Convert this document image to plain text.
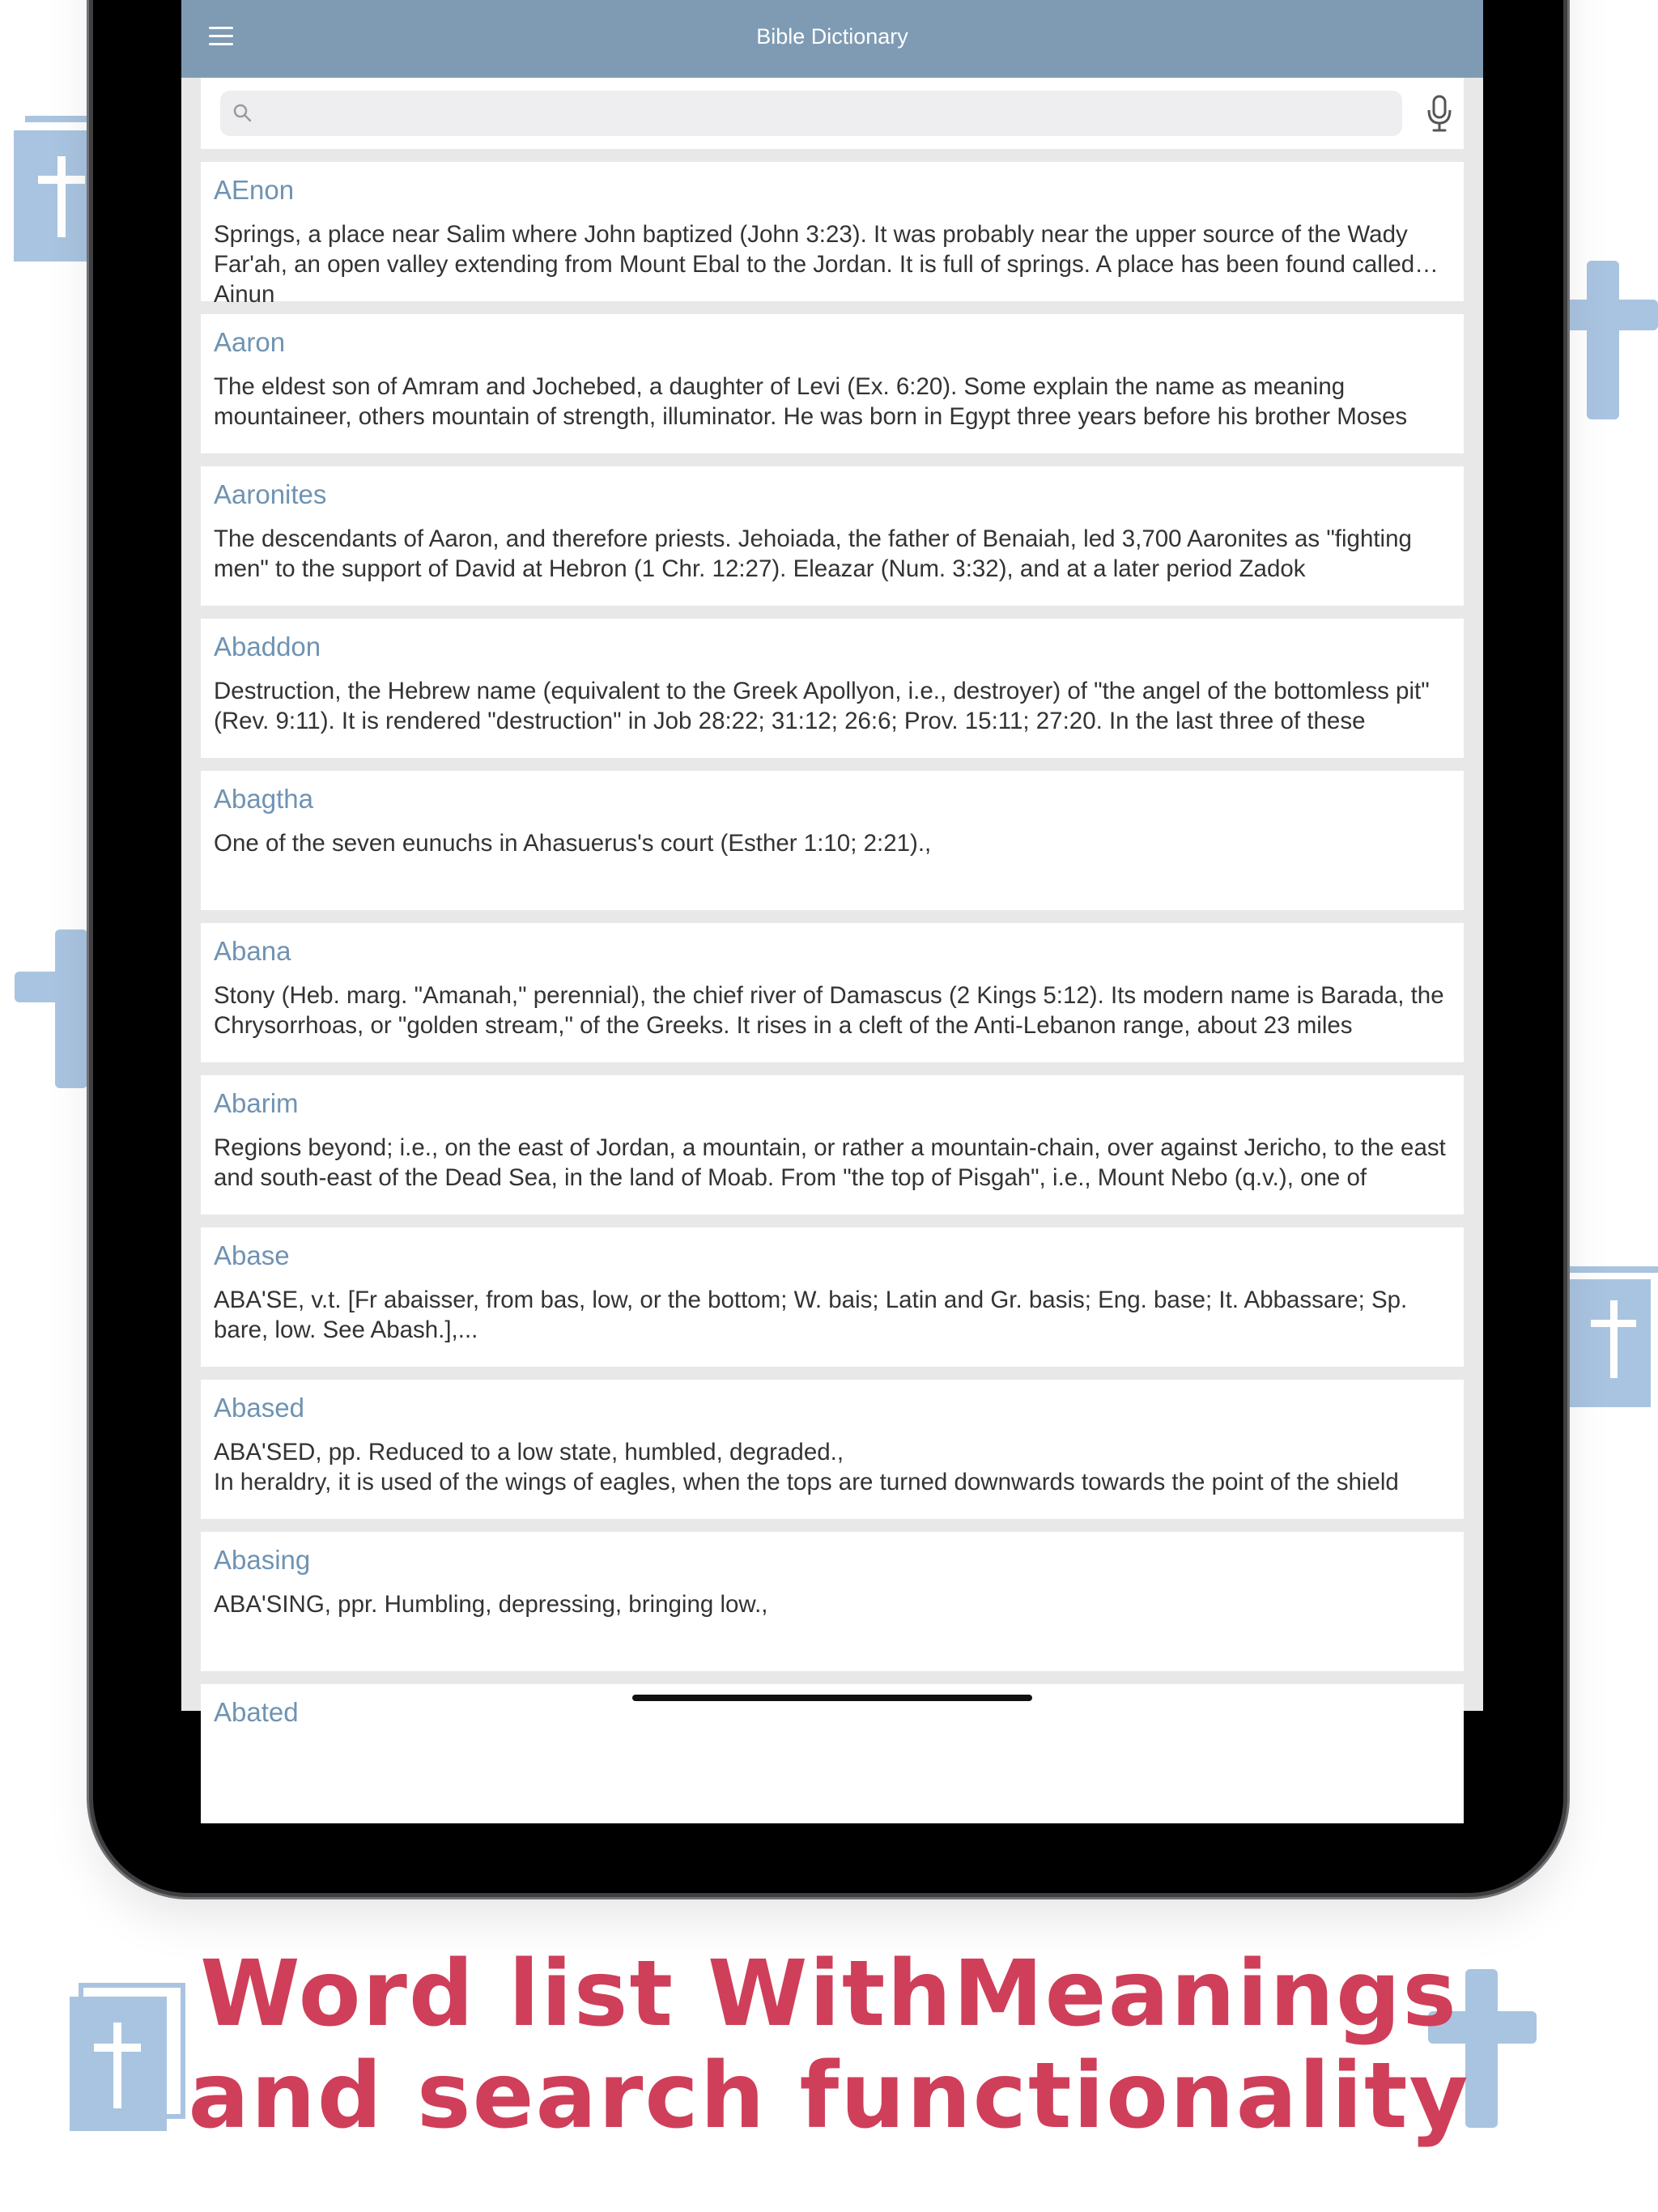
Bible Dictionary
AEnon
Springs, a place near Salim where John baptized (John 3:23). It was probably near the upper source of the Wady Far'ah, an open valley extending from Mount Ebal to the Jordan. It is full of springs. A place has been found called Ainun
Aaron
The eldest son of Amram and Jochebed, a daughter of Levi (Ex. 6:20). Some explain the name as meaning mountaineer, others mountain of strength, illuminator. He was born in Egypt three years before his brother Moses
Aaronites
The descendants of Aaron, and therefore priests. Jehoiada, the father of Benaiah, led 3,700 Aaronites as "fighting men" to the support of David at Hebron (1 Chr. 12:27). Eleazar (Num. 3:32), and at a later period Zadok
Abaddon
Destruction, the Hebrew name (equivalent to the Greek Apollyon, i.e., destroyer) of "the angel of the bottomless pit" (Rev. 9:11). It is rendered "destruction" in Job 28:22; 31:12; 26:6; Prov. 15:11; 27:20. In the last three of these
Abagtha
One of the seven eunuchs in Ahasuerus's court (Esther 1:10; 2:21).,
Abana
Stony (Heb. marg. "Amanah," perennial), the chief river of Damascus (2 Kings 5:12). Its modern name is Barada, the Chrysorrhoas, or "golden stream," of the Greeks. It rises in a cleft of the Anti-Lebanon range, about 23 miles
Abarim
Regions beyond; i.e., on the east of Jordan, a mountain, or rather a mountain-chain, over against Jericho, to the east and south-east of the Dead Sea, in the land of Moab. From "the top of Pisgah", i.e., Mount Nebo (q.v.), one of
Abase
ABA'SE, v.t. [Fr abaisser, from bas, low, or the bottom; W. bais; Latin and Gr. basis; Eng. base; It. Abbassare; Sp. bare, low. See Abash.],...
Abased
ABA'SED, pp. Reduced to a low state, humbled, degraded.,
In heraldry, it is used of the wings of eagles, when the tops are turned downwards towards the point of the shield
Abasing
ABA'SING, ppr. Humbling, depressing, bringing low.,
Abated
Word list WithMeanings
and search functionality
